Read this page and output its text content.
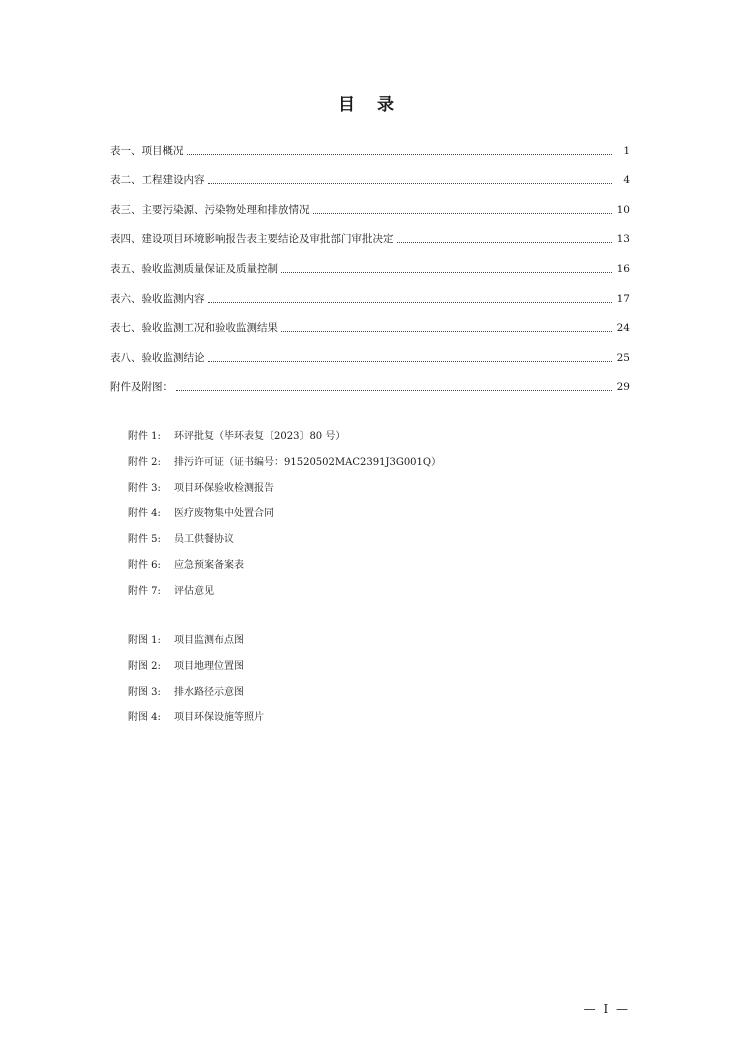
目 录
表一、项目概况	1
表二、工程建设内容	4
表三、主要污染源、污染物处理和排放情况	10
表四、建设项目环境影响报告表主要结论及审批部门审批决定	13
表五、验收监测质量保证及质量控制	16
表六、验收监测内容	17
表七、验收监测工况和验收监测结果	24
表八、验收监测结论	25
附件及附图：	29
附件 1: 环评批复（毕环表复〔2023〕80 号）
附件 2: 排污许可证（证书编号：91520502MAC2391J3G001Q）
附件 3: 项目环保验收检测报告
附件 4: 医疗废物集中处置合同
附件 5: 员工供餐协议
附件 6: 应急预案备案表
附件 7: 评估意见
附图 1: 项目监测布点图
附图 2: 项目地理位置图
附图 3: 排水路径示意图
附图 4: 项目环保设施等照片
— I —
